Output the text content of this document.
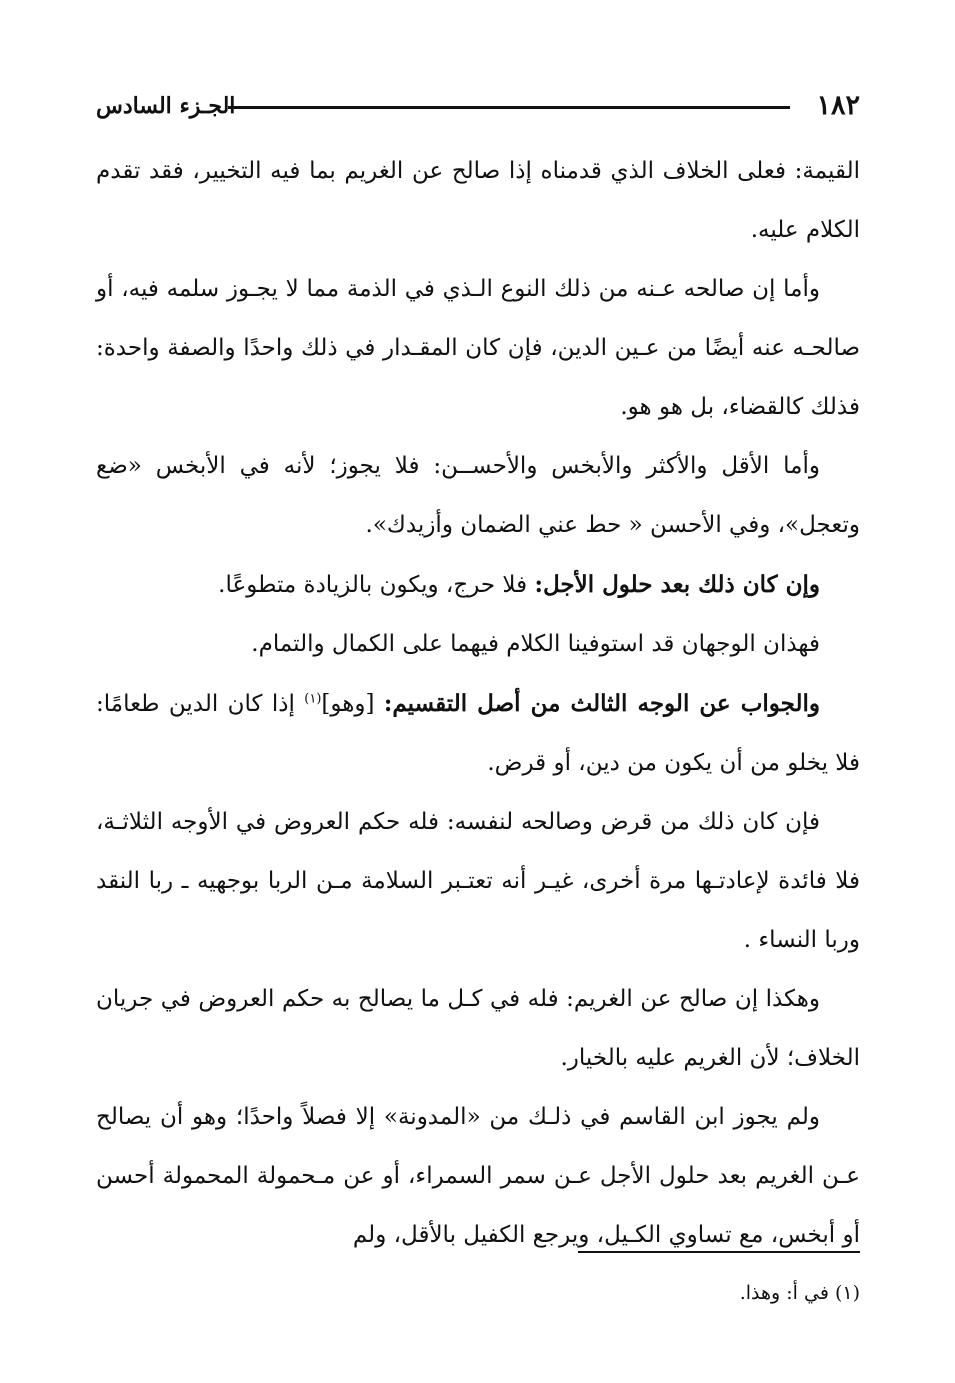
١٨٢
الجـزء السادس

القيمة: فعلى الخلاف الذي قدمناه إذا صالح عن الغريم بما فيه التخيير، فقد تقدم الكلام عليه.

وأما إن صالحه عـنه من ذلك النوع الـذي في الذمة مما لا يجـوز سلمه فيه، أو صالحـه عنه أيضًا من عـين الدين، فإن كان المقـدار في ذلك واحدًا والصفة واحدة: فذلك كالقضاء، بل هو هو.

وأما الأقل والأكثر والأبخس والأحســن: فلا يجوز؛ لأنه في الأبخس «ضع وتعجل»، وفي الأحسن « حط عني الضمان وأزيدك».

وإن كان ذلك بعد حلول الأجل: فلا حرج، ويكون بالزيادة متطوعًا.

فهذان الوجهان قد استوفينا الكلام فيهما على الكمال والتمام.

والجواب عن الوجه الثالث من أصل التقسيم: [وهو]$^{(١)}$ إذا كان الدين طعامًا: فلا يخلو من أن يكون من دين، أو قرض.

فإن كان ذلك من قرض وصالحه لنفسه: فله حكم العروض في الأوجه الثلاثـة، فلا فائدة لإعادتـها مرة أخرى، غيـر أنه تعتـبر السلامة مـن الربا بوجهيه ـ ربا النقد وربا النساء .

وهكذا إن صالح عن الغريم: فله في كـل ما يصالح به حكم العروض في جريان الخلاف؛ لأن الغريم عليه بالخيار.

ولم يجوز ابن القاسم في ذلـك من «المدونة» إلا فصلاً واحدًا؛ وهو أن يصالح عـن الغريم بعد حلول الأجل عـن سمر السمراء، أو عن مـحمولة المحمولة أحسن أو أبخس، مع تساوي الكـيل، ويرجع الكفيل بالأقل، ولم

(١) في أ: وهذا.
